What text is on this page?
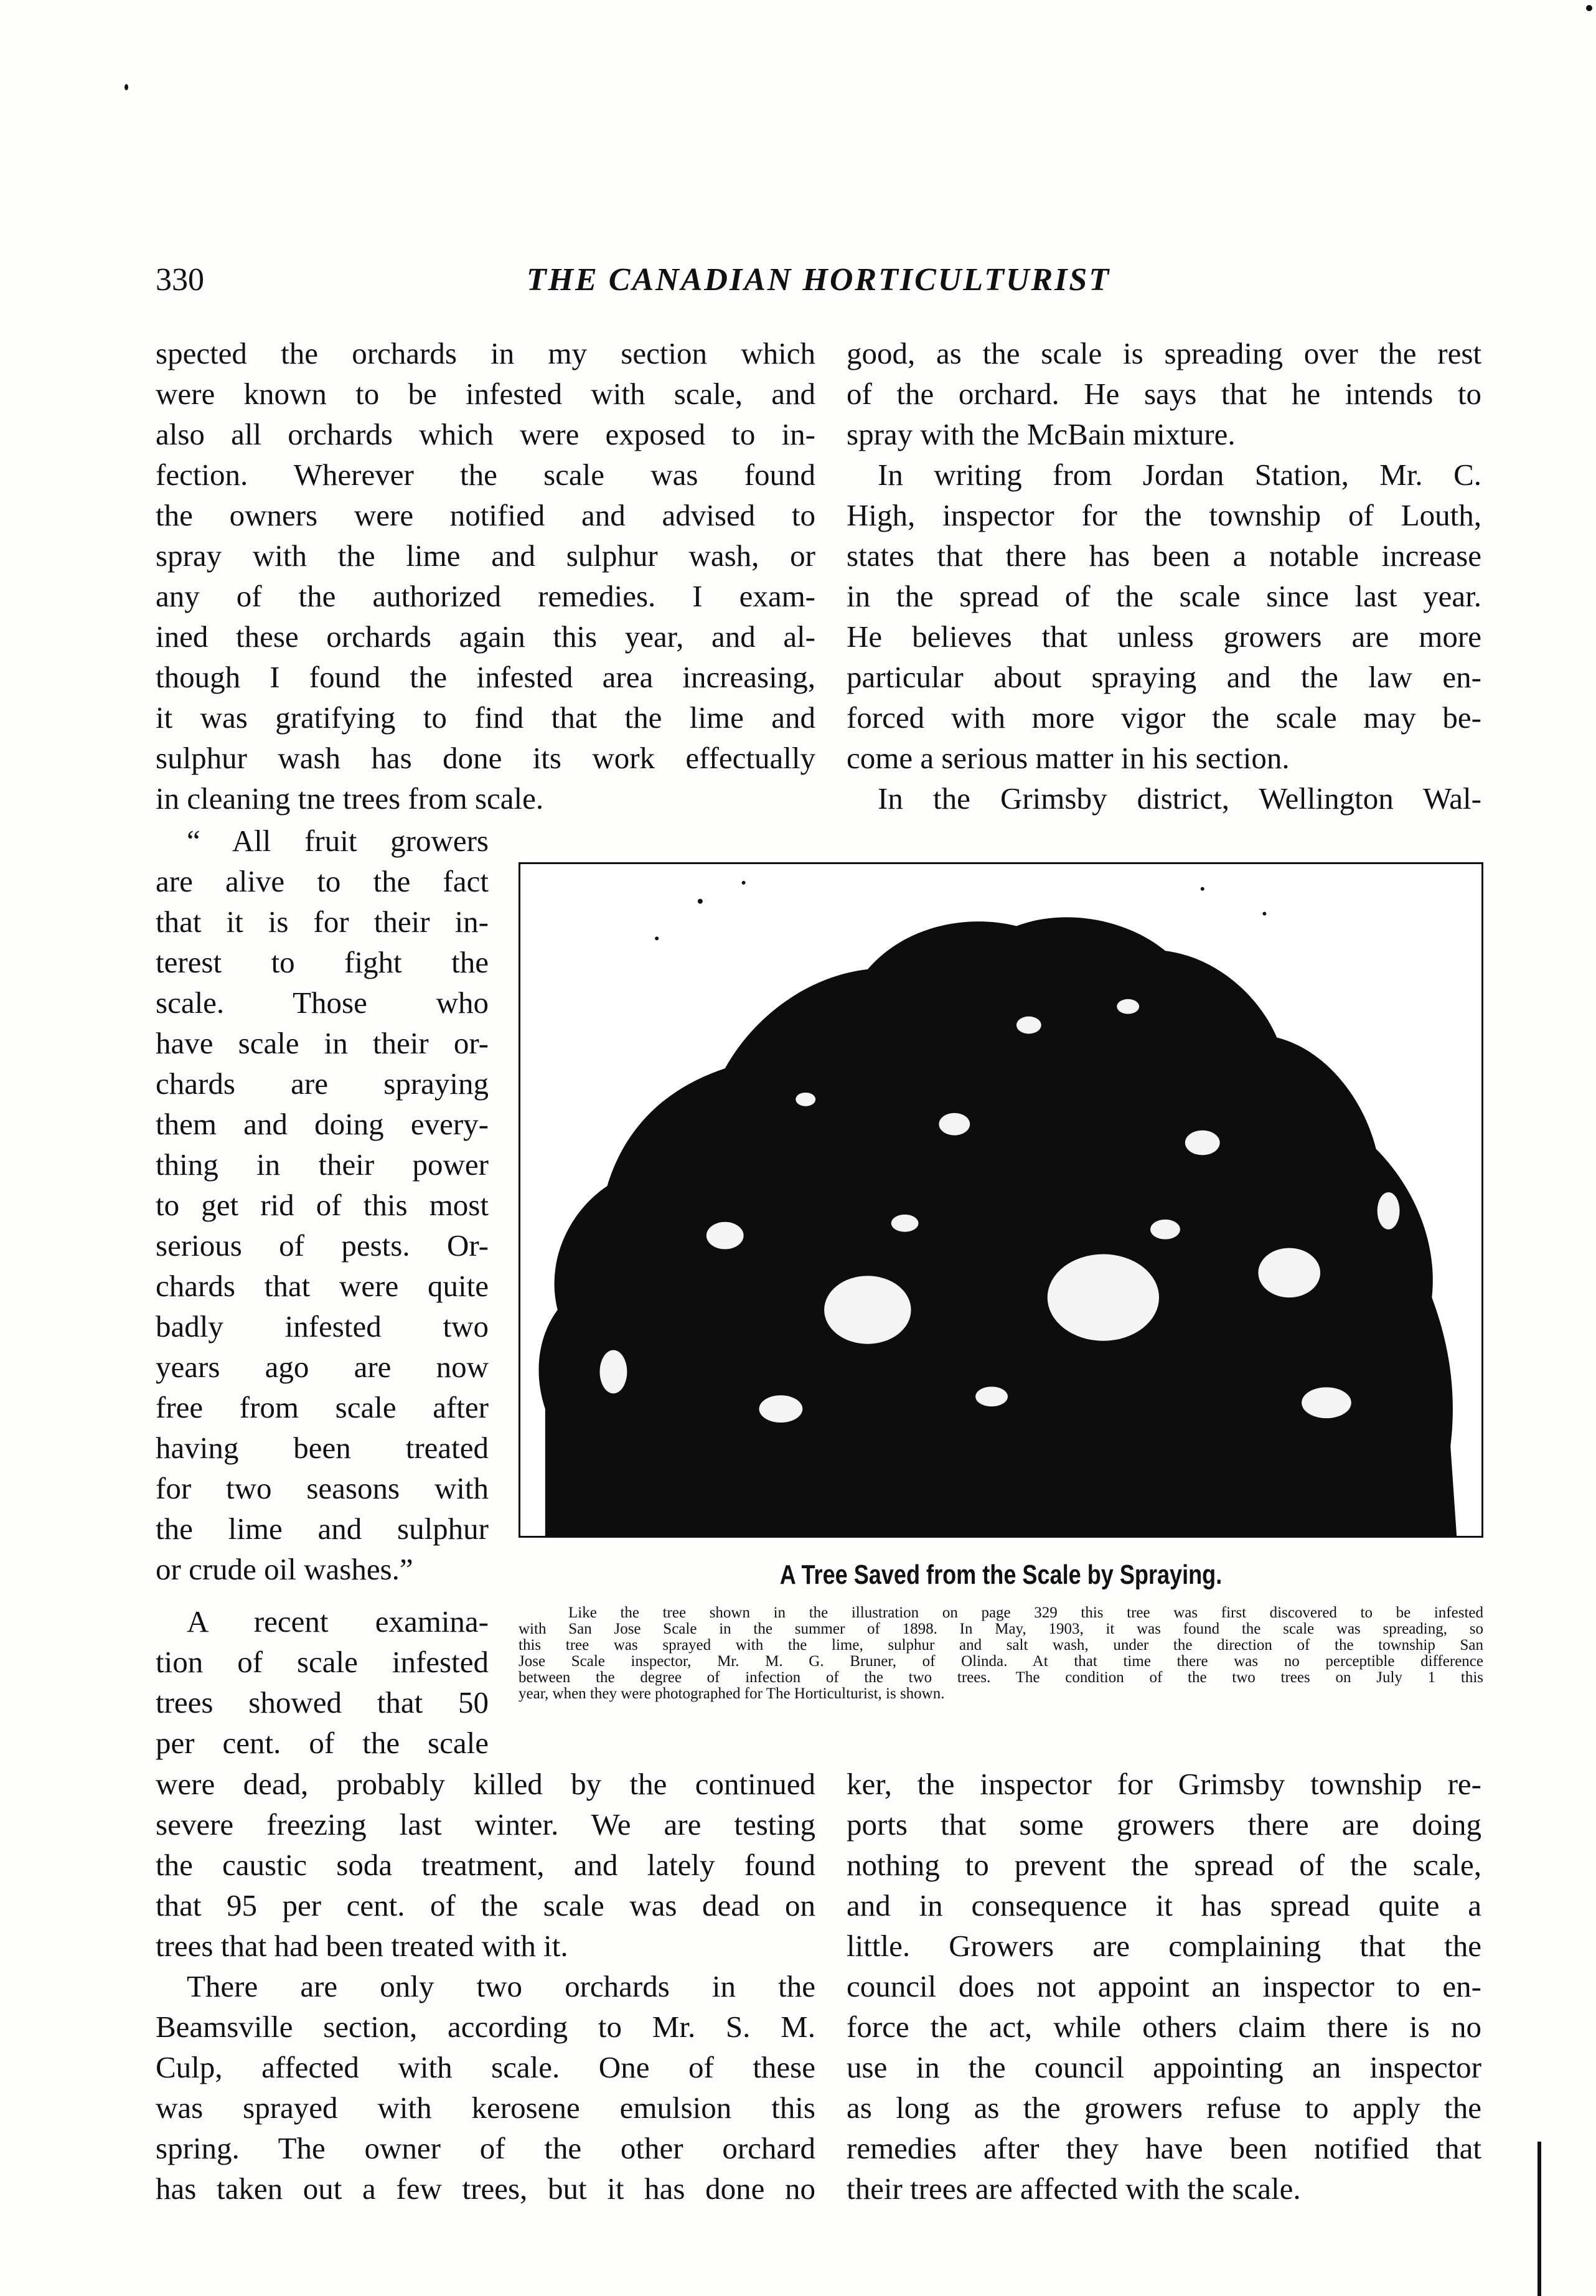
330	THE CANADIAN HORTICULTURIST
spected the orchards in my section which
were known to be infested with scale, and
also all orchards which were exposed to in-
fection. Wherever the scale was found
the owners were notified and advised to
spray with the lime and sulphur wash, or
any of the authorized remedies. I exam-
ined these orchards again this year, and al-
though I found the infested area increasing,
it was gratifying to find that the lime and
sulphur wash has done its work effectually
in cleaning tne trees from scale.
“ All fruit growers
are alive to the fact
that it is for their in-
terest to fight the
scale. Those who
have scale in their or-
chards are spraying
them and doing every-
thing in their power
to get rid of this most
serious of pests. Or-
chards that were quite
badly infested two
years ago are now
free from scale after
having been treated
for two seasons with
the lime and sulphur
or crude oil washes.”
A recent examina-
tion of scale infested
trees showed that 50
per cent. of the scale
were dead, probably killed by the continued
severe freezing last winter. We are testing
the caustic soda treatment, and lately found
that 95 per cent. of the scale was dead on
trees that had been treated with it.
There are only two orchards in the
Beamsville section, according to Mr. S. M.
Culp, affected with scale. One of these
was sprayed with kerosene emulsion this
spring. The owner of the other orchard
has taken out a few trees, but it has done no
good, as the scale is spreading over the rest
of the orchard. He says that he intends to
spray with the McBain mixture.
In writing from Jordan Station, Mr. C.
High, inspector for the township of Louth,
states that there has been a notable increase
in the spread of the scale since last year.
He believes that unless growers are more
particular about spraying and the law en-
forced with more vigor the scale may be-
come a serious matter in his section.
In the Grimsby district, Wellington Wal-
ker, the inspector for Grimsby township re-
ports that some growers there are doing
nothing to prevent the spread of the scale,
and in consequence it has spread quite a
little. Growers are complaining that the
council does not appoint an inspector to en-
force the act, while others claim there is no
use in the council appointing an inspector
as long as the growers refuse to apply the
remedies after they have been notified that
their trees are affected with the scale.
A Tree Saved from the Scale by Spraying.
Like the tree shown in the illustration on page 329 this tree was first discovered to be infested
with San Jose Scale in the summer of 1898. In May, 1903, it was found the scale was spreading, so
this tree was sprayed with the lime, sulphur and salt wash, under the direction of the township San
Jose Scale inspector, Mr. M. G. Bruner, of Olinda. At that time there was no perceptible difference
between the degree of infection of the two trees. The condition of the two trees on July 1 this
year, when they were photographed for The Horticulturist, is shown.
